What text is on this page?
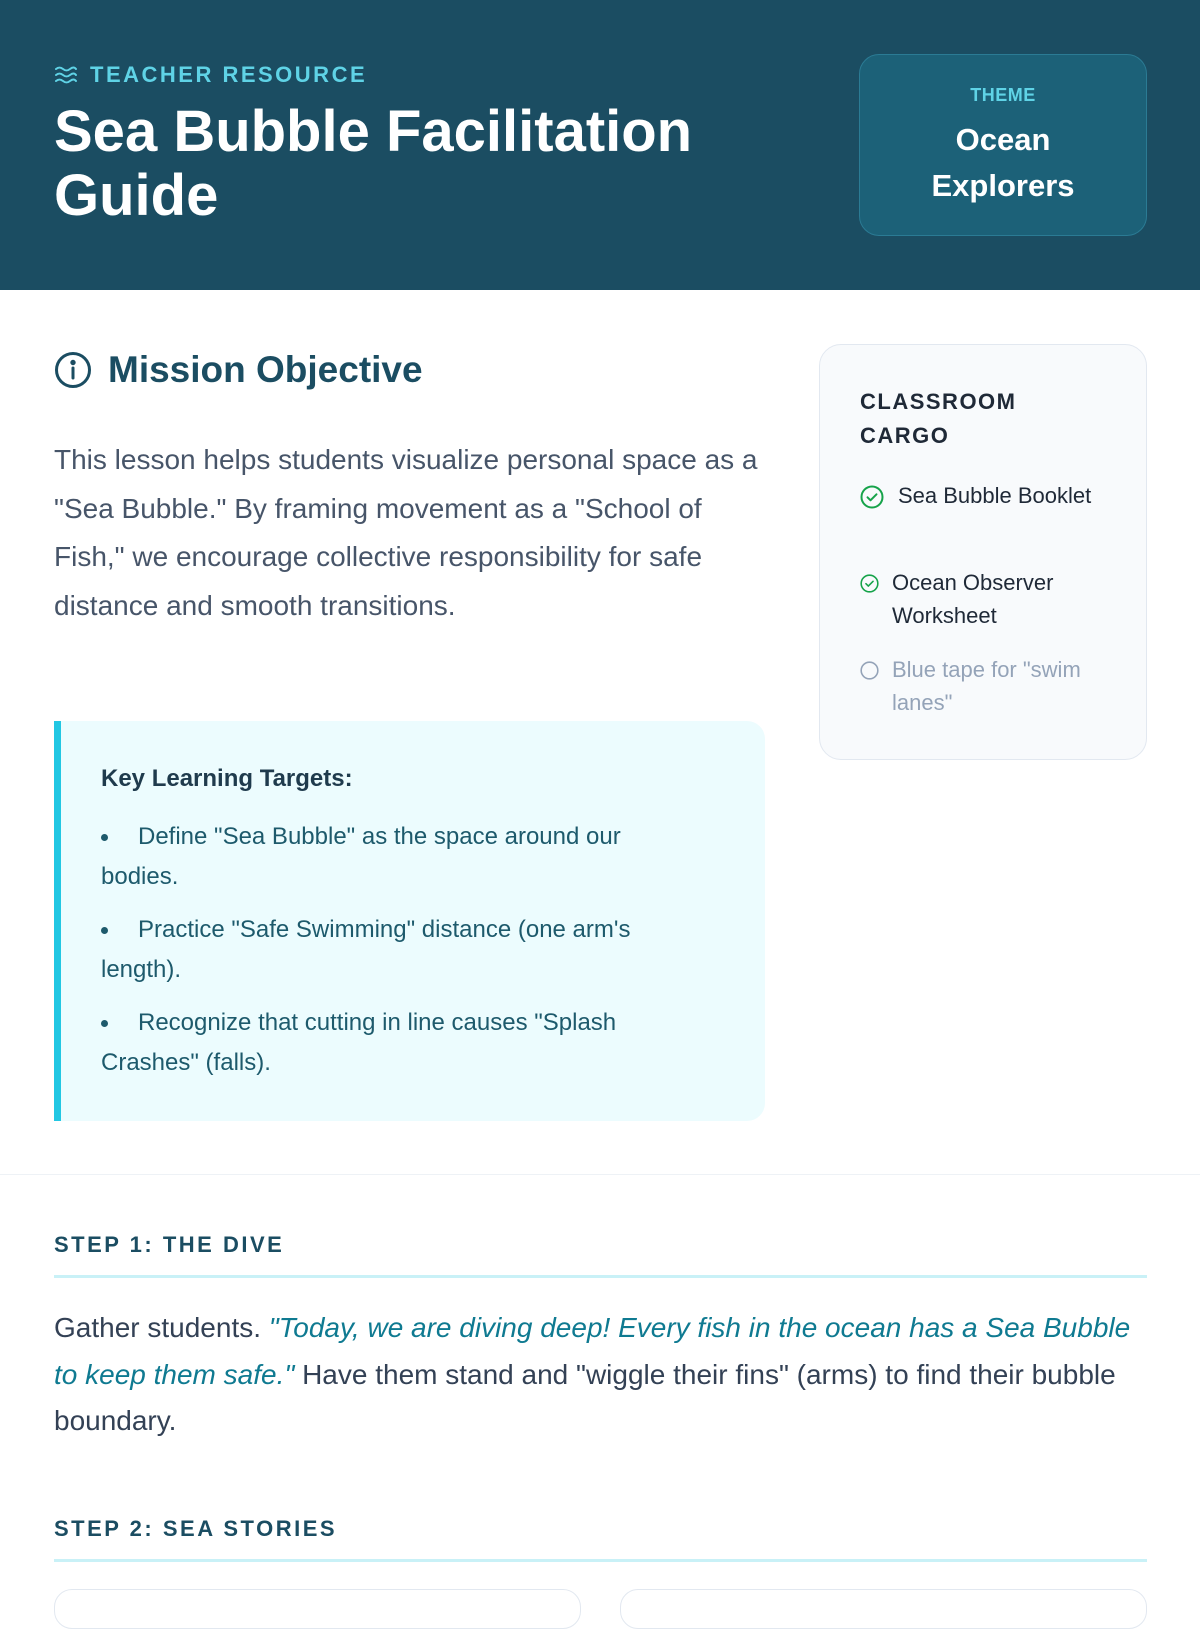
TEACHER RESOURCE
Sea Bubble Facilitation Guide
THEME
Ocean Explorers
Mission Objective

This lesson helps students visualize personal space as a "Sea Bubble." By framing movement as a "School of Fish," we encourage collective responsibility for safe distance and smooth transitions.

Key Learning Targets:
Define "Sea Bubble" as the space around our bodies.
Practice "Safe Swimming" distance (one arm's length).
Recognize that cutting in line causes "Splash Crashes" (falls).
CLASSROOM CARGO
Sea Bubble Booklet
Ocean Observer Worksheet
Blue tape for "swim lanes"
STEP 1: THE DIVE

Gather students. "Today, we are diving deep! Every fish in the ocean has a Sea Bubble to keep them safe." Have them stand and "wiggle their fins" (arms) to find their bubble boundary.

STEP 2: SEA STORIES
